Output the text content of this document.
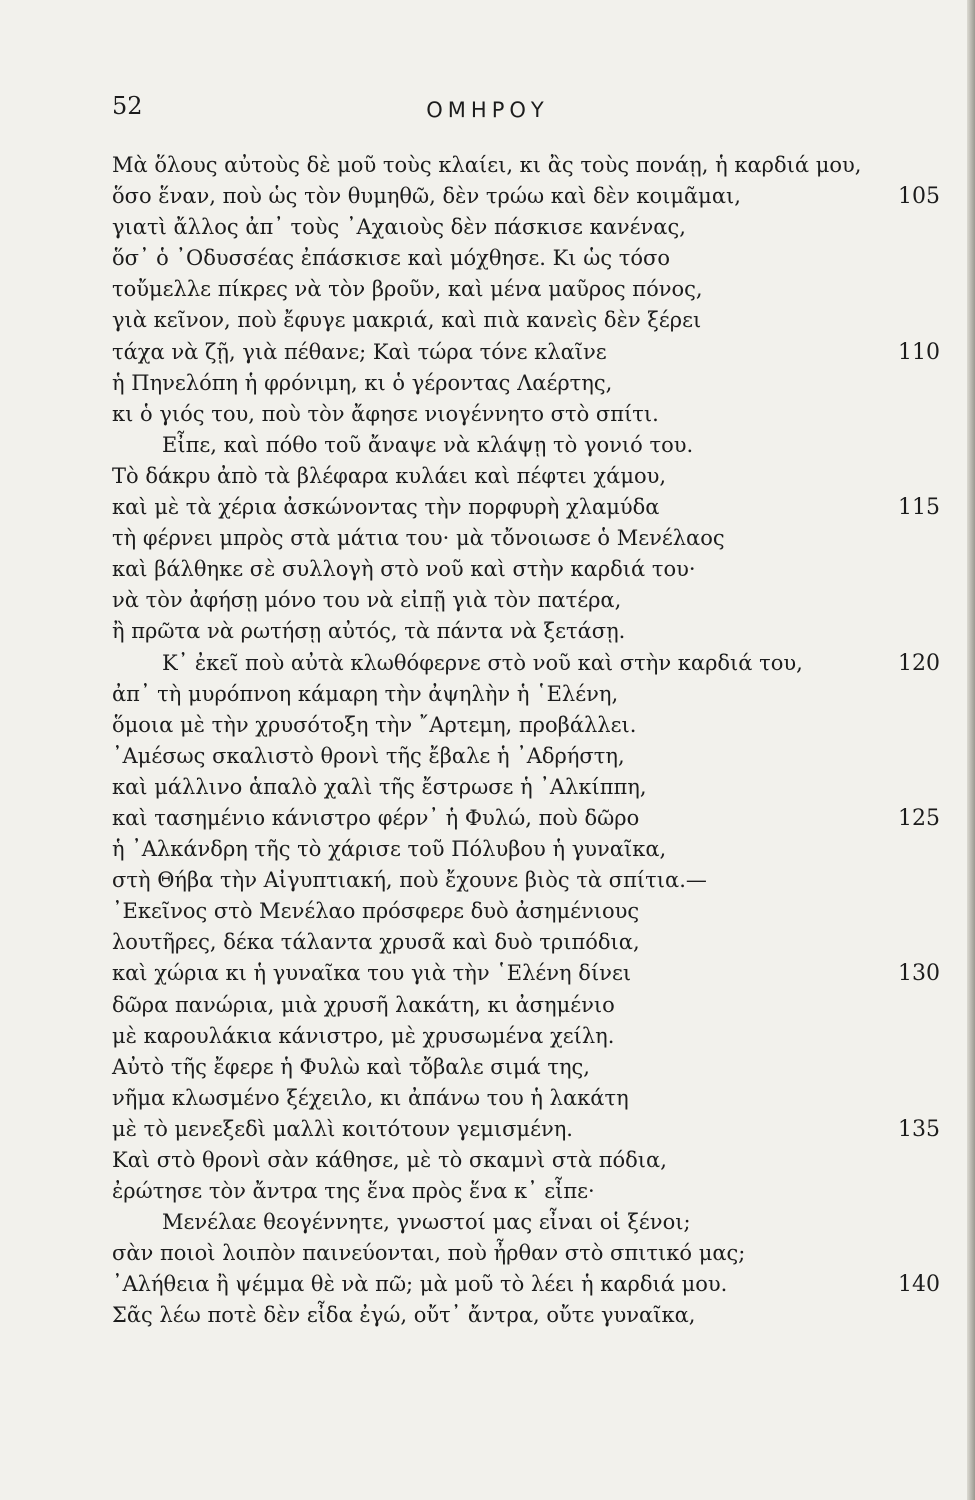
52	ΟΜΗΡΟΥ
Μὰ ὅλους αὐτοὺς δὲ μοῦ τοὺς κλαίει, κι ἂς τοὺς πονάῃ, ἡ καρδιά μου,
ὅσο ἕναν, ποὺ ὡς τὸν θυμηθῶ, δὲν τρώω καὶ δὲν κοιμᾶμαι,	105
γιατὶ ἄλλος ἀπ᾽ τοὺς ᾿Αχαιοὺς δὲν πάσκισε κανένας,
ὅσ᾽ ὁ ᾿Οδυσσέας ἐπάσκισε καὶ μόχθησε. Κι ὡς τόσο
τοὔμελλε πίκρες νὰ τὸν βροῦν, καὶ μένα μαῦρος πόνος,
γιὰ κεῖνον, ποὺ ἔφυγε μακριά, καὶ πιὰ κανεὶς δὲν ξέρει
τάχα νὰ ζῇ, γιὰ πέθανε; Καὶ τώρα τόνε κλαῖνε	110
ἡ Πηνελόπη ἡ φρόνιμη, κι ὁ γέροντας Λαέρτης,
κι ὁ γιός του, ποὺ τὸν ἄφησε νιογέννητο στὸ σπίτι.
Εἶπε, καὶ πόθο τοῦ ἄναψε νὰ κλάψῃ τὸ γονιό του.
Τὸ δάκρυ ἀπὸ τὰ βλέφαρα κυλάει καὶ πέφτει χάμου,
καὶ μὲ τὰ χέρια ἀσκώνοντας τὴν πορφυρὴ χλαμύδα	115
τὴ φέρνει μπρὸς στὰ μάτια του· μὰ τὄνοιωσε ὁ Μενέλαος
καὶ βάλθηκε σὲ συλλογὴ στὸ νοῦ καὶ στὴν καρδιά του·
νὰ τὸν ἀφήσῃ μόνο του νὰ εἰπῇ γιὰ τὸν πατέρα,
ἢ πρῶτα νὰ ρωτήσῃ αὐτός, τὰ πάντα νὰ ξετάσῃ.
Κ᾽ ἐκεῖ ποὺ αὐτὰ κλωθόφερνε στὸ νοῦ καὶ στὴν καρδιά του,	120
ἀπ᾽ τὴ μυρόπνοη κάμαρη τὴν ἀψηλὴν ἡ ῾Ελένη,
ὅμοια μὲ τὴν χρυσότοξη τὴν ῎Αρτεμη, προβάλλει.
᾿Αμέσως σκαλιστὸ θρονὶ τῆς ἔβαλε ἡ ᾿Αδρήστη,
καὶ μάλλινο ἁπαλὸ χαλὶ τῆς ἔστρωσε ἡ ᾿Αλκίππη,
καὶ τασημένιο κάνιστρο φέρν᾽ ἡ Φυλώ, ποὺ δῶρο	125
ἡ ᾿Αλκάνδρη τῆς τὸ χάρισε τοῦ Πόλυβου ἡ γυναῖκα,
στὴ Θήβα τὴν Αἰγυπτιακή, ποὺ ἔχουνε βιὸς τὰ σπίτια.—
᾿Εκεῖνος στὸ Μενέλαο πρόσφερε δυὸ ἀσημένιους
λουτῆρες, δέκα τάλαντα χρυσᾶ καὶ δυὸ τριπόδια,
καὶ χώρια κι ἡ γυναῖκα του γιὰ τὴν ῾Ελένη δίνει	130
δῶρα πανώρια, μιὰ χρυσῆ λακάτη, κι ἀσημένιο
μὲ καρουλάκια κάνιστρο, μὲ χρυσωμένα χείλη.
Αὐτὸ τῆς ἔφερε ἡ Φυλὼ καὶ τὄβαλε σιμά της,
νῆμα κλωσμένο ξέχειλο, κι ἀπάνω του ἡ λακάτη
μὲ τὸ μενεξεδὶ μαλλὶ κοιτότουν γεμισμένη.	135
Καὶ στὸ θρονὶ σὰν κάθησε, μὲ τὸ σκαμνὶ στὰ πόδια,
ἐρώτησε τὸν ἄντρα της ἕνα πρὸς ἕνα κ᾽ εἶπε·
Μενέλαε θεογέννητε, γνωστοί μας εἶναι οἱ ξένοι;
σὰν ποιοὶ λοιπὸν παινεύονται, ποὺ ἦρθαν στὸ σπιτικό μας;
᾿Αλήθεια ἢ ψέμμα θὲ νὰ πῶ; μὰ μοῦ τὸ λέει ἡ καρδιά μου.	140
Σᾶς λέω ποτὲ δὲν εἶδα ἐγώ, οὔτ᾽ ἄντρα, οὔτε γυναῖκα,
